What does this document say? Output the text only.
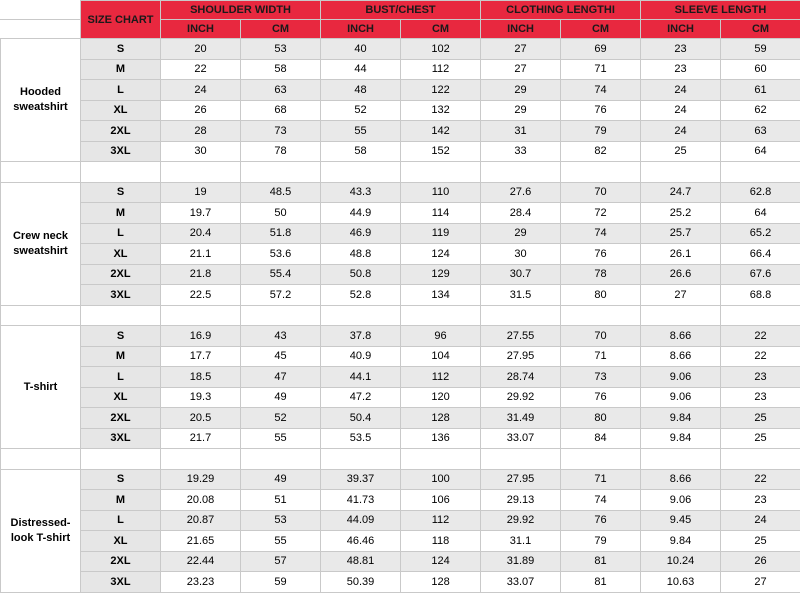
	SIZE CHART	SHOULDER WIDTH		BUST/CHEST		CLOTHING LENGTHI		SLEEVE LENGTH	
		INCH	CM	INCH	CM	INCH	CM	INCH	CM
Hooded sweatshirt	S	20	53	40	102	27	69	23	59
	M	22	58	44	112	27	71	23	60
	L	24	63	48	122	29	74	24	61
	XL	26	68	52	132	29	76	24	62
	2XL	28	73	55	142	31	79	24	63
	3XL	30	78	58	152	33	82	25	64

Crew neck sweatshirt	S	19	48.5	43.3	110	27.6	70	24.7	62.8
	M	19.7	50	44.9	114	28.4	72	25.2	64
	L	20.4	51.8	46.9	119	29	74	25.7	65.2
	XL	21.1	53.6	48.8	124	30	76	26.1	66.4
	2XL	21.8	55.4	50.8	129	30.7	78	26.6	67.6
	3XL	22.5	57.2	52.8	134	31.5	80	27	68.8

T-shirt	S	16.9	43	37.8	96	27.55	70	8.66	22
	M	17.7	45	40.9	104	27.95	71	8.66	22
	L	18.5	47	44.1	112	28.74	73	9.06	23
	XL	19.3	49	47.2	120	29.92	76	9.06	23
	2XL	20.5	52	50.4	128	31.49	80	9.84	25
	3XL	21.7	55	53.5	136	33.07	84	9.84	25

Distressed-look T-shirt	S	19.29	49	39.37	100	27.95	71	8.66	22
	M	20.08	51	41.73	106	29.13	74	9.06	23
	L	20.87	53	44.09	112	29.92	76	9.45	24
	XL	21.65	55	46.46	118	31.1	79	9.84	25
	2XL	22.44	57	48.81	124	31.89	81	10.24	26
	3XL	23.23	59	50.39	128	33.07	81	10.63	27
